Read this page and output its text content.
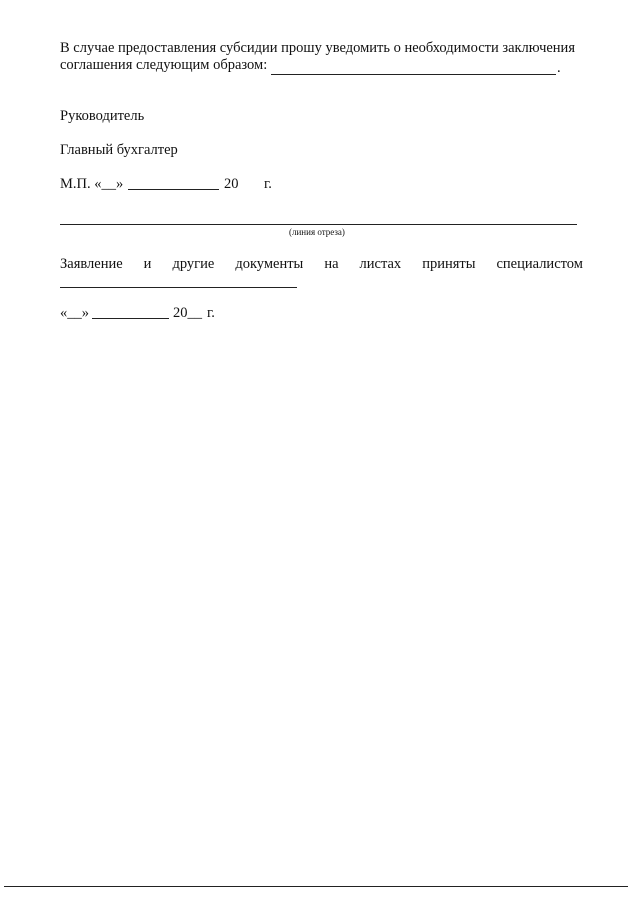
В случае предоставления субсидии прошу уведомить о необходимости заключения
соглашения следующим образом:	.
Руководитель
Главный бухгалтер
М.П. «__»	20 г.
(линия отреза)
Заявление и другие документы на листах приняты специалистом
«__»	20__ г.
